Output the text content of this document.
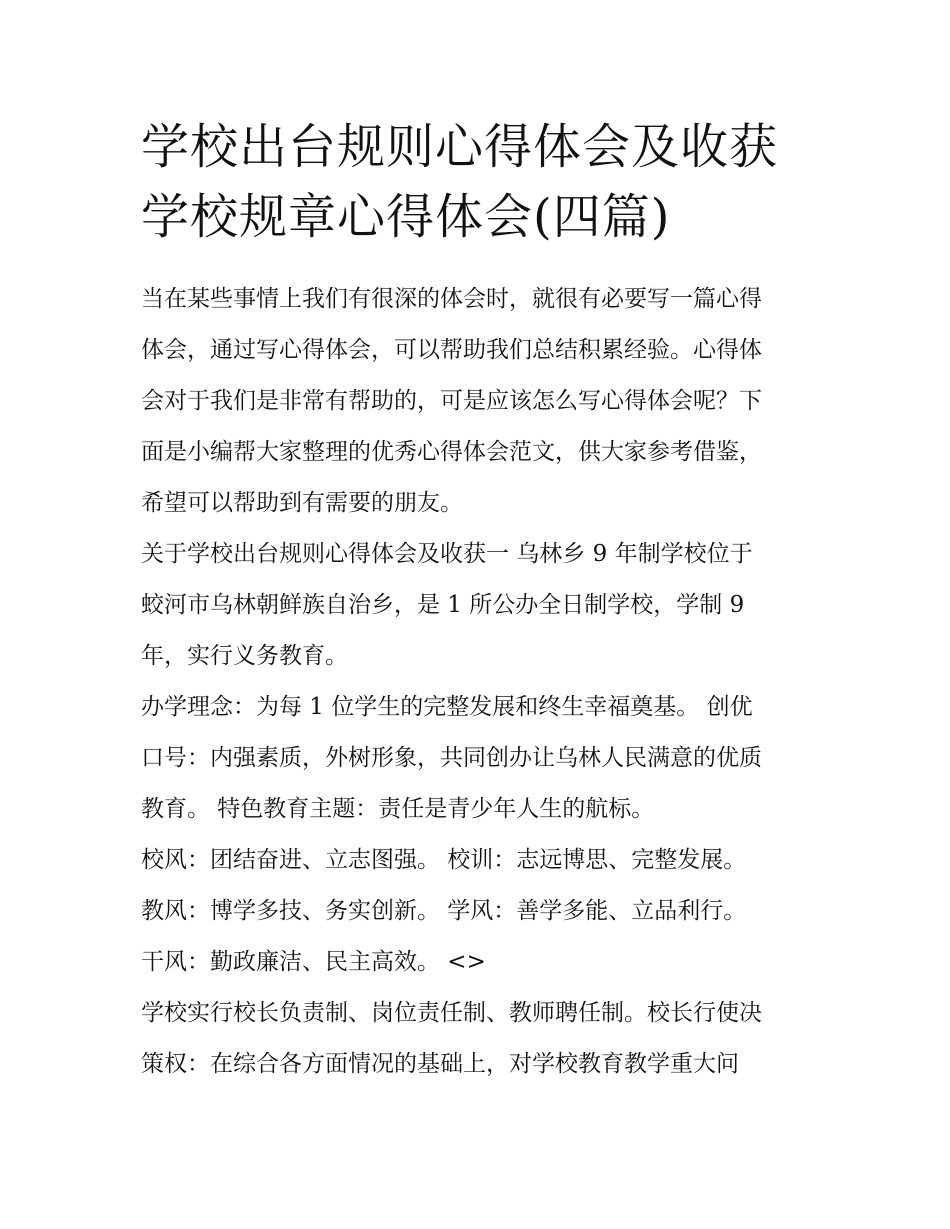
学校出台规则心得体会及收获
学校规章心得体会(四篇)

当在某些事情上我们有很深的体会时，就很有必要写一篇心得
体会，通过写心得体会，可以帮助我们总结积累经验。心得体
会对于我们是非常有帮助的，可是应该怎么写心得体会呢？下
面是小编帮大家整理的优秀心得体会范文，供大家参考借鉴，
希望可以帮助到有需要的朋友。

关于学校出台规则心得体会及收获一 乌林乡 9 年制学校位于
蛟河市乌林朝鲜族自治乡，是 1 所公办全日制学校，学制 9
年，实行义务教育。

办学理念：为每 1 位学生的完整发展和终生幸福奠基。 创优
口号：内强素质，外树形象，共同创办让乌林人民满意的优质
教育。 特色教育主题：责任是青少年人生的航标。

校风：团结奋进、立志图强。 校训：志远博思、完整发展。

教风：博学多技、务实创新。 学风：善学多能、立品利行。

干风：勤政廉洁、民主高效。 <>

学校实行校长负责制、岗位责任制、教师聘任制。校长行使决
策权：在综合各方面情况的基础上，对学校教育教学重大问
